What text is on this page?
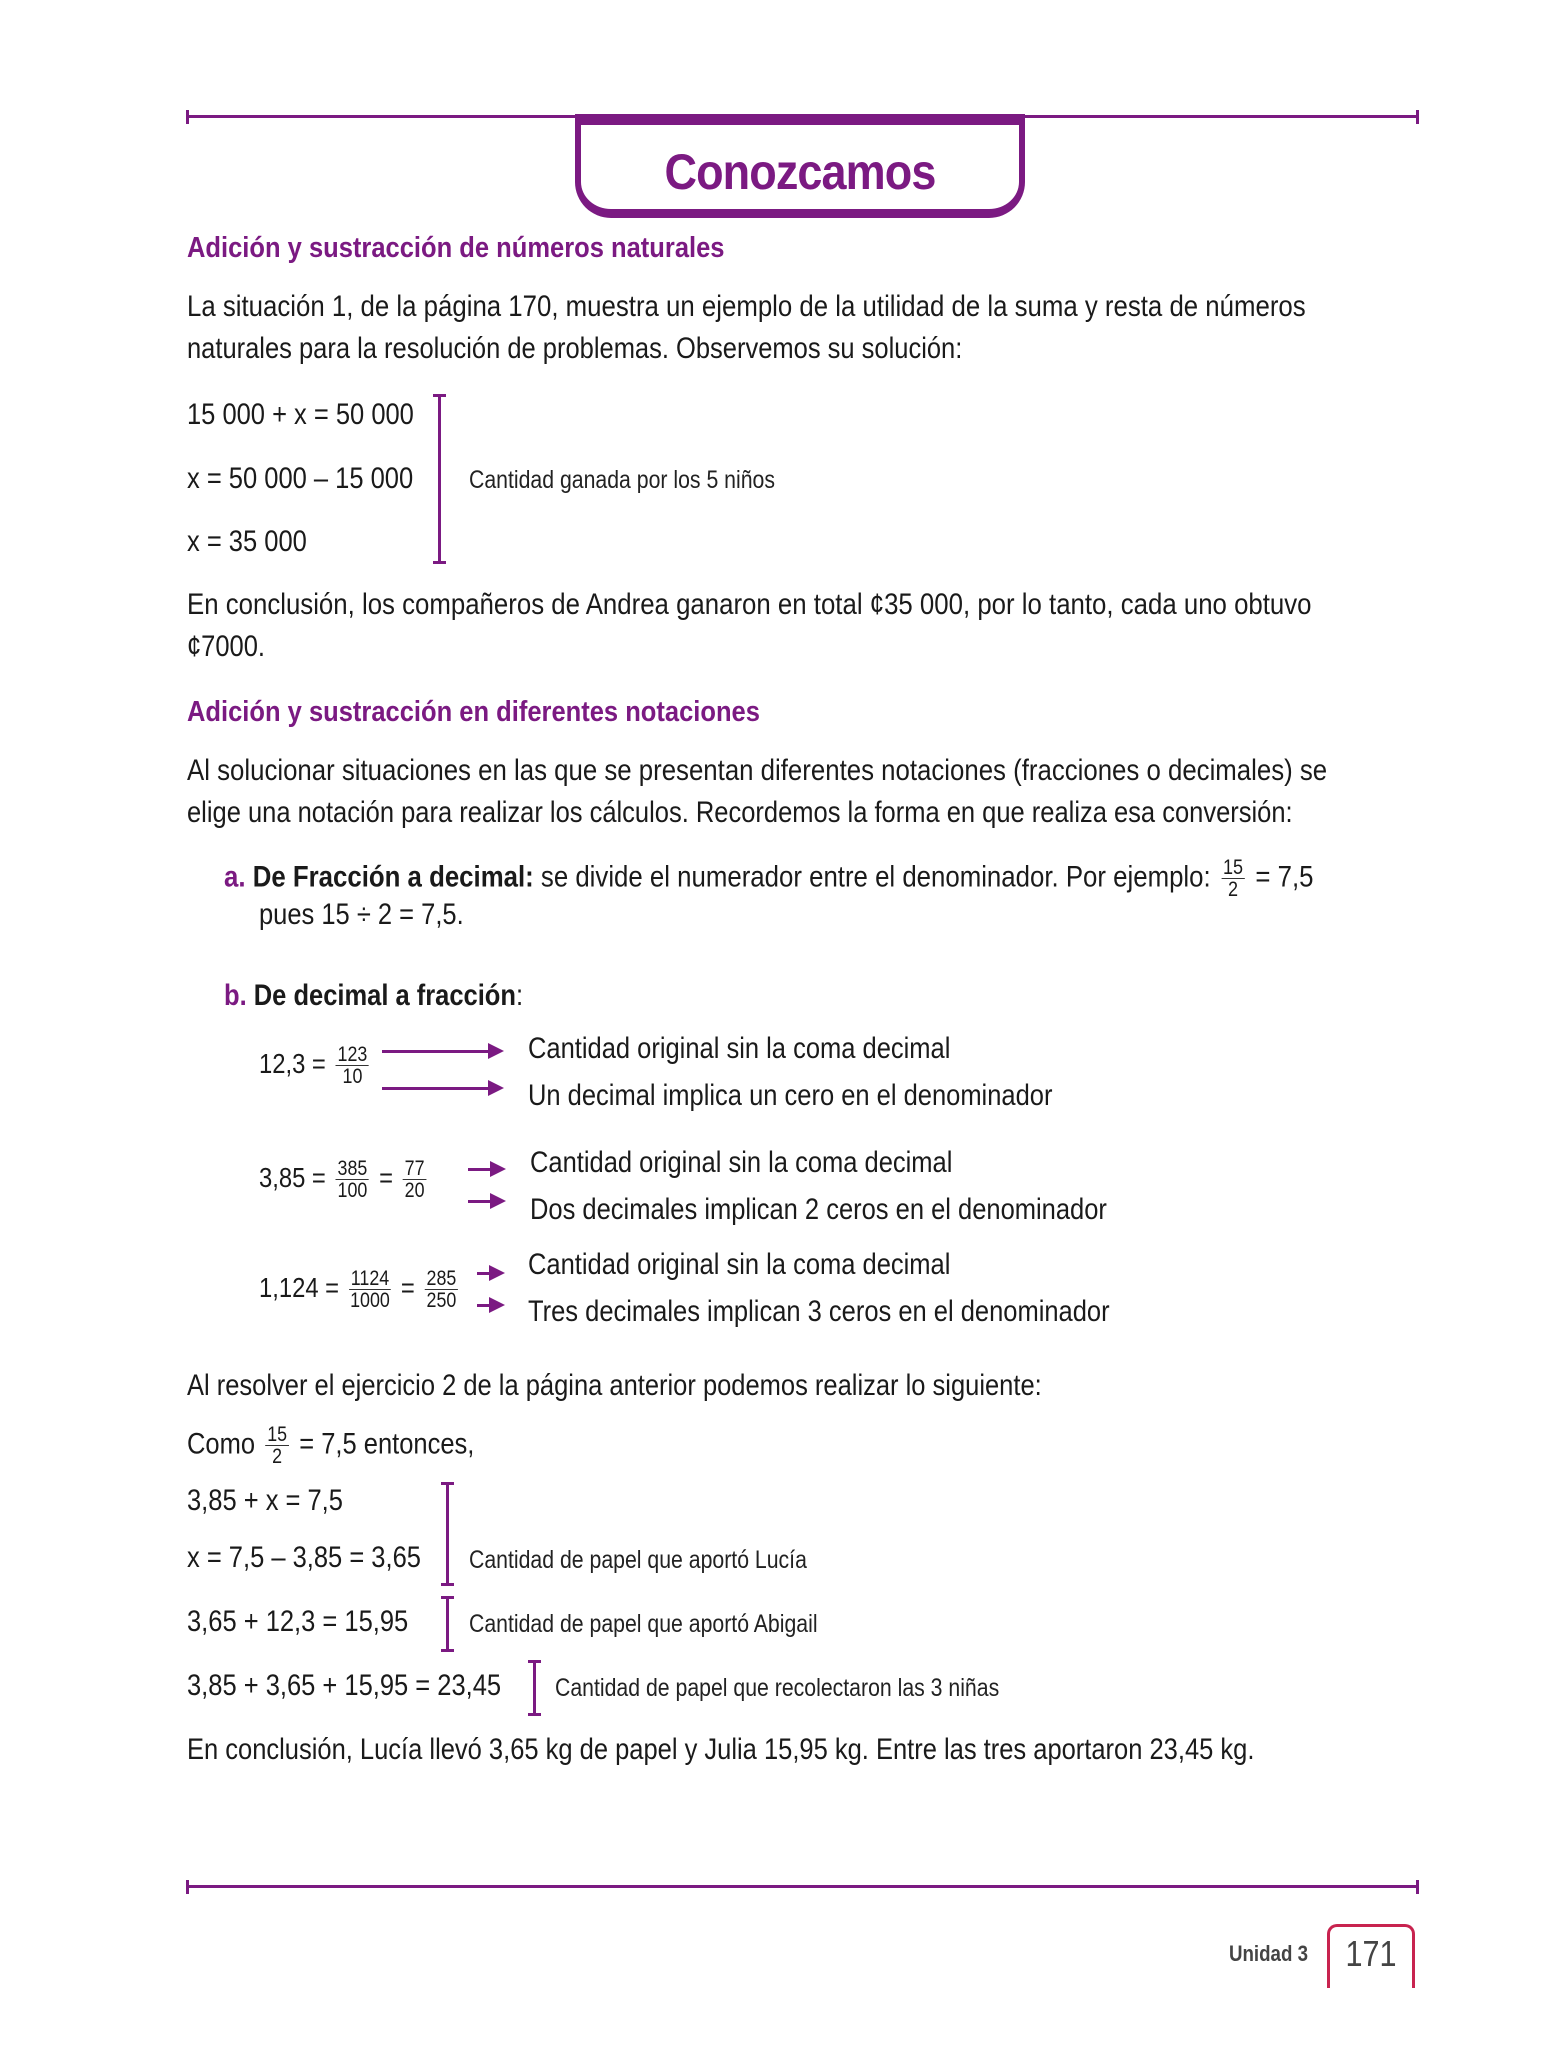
Conozcamos
Adición y sustracción de números naturales
La situación 1, de la página 170, muestra un ejemplo de la utilidad de la suma y resta de números
naturales para la resolución de problemas. Observemos su solución:
15 000 + x = 50 000
x = 50 000 – 15 000
x = 35 000
Cantidad ganada por los 5 niños
En conclusión, los compañeros de Andrea ganaron en total ¢35 000, por lo tanto, cada uno obtuvo
¢7000.
Adición y sustracción en diferentes notaciones
Al solucionar situaciones en las que se presentan diferentes notaciones (fracciones o decimales) se
elige una notación para realizar los cálculos. Recordemos la forma en que realiza esa conversión:
a. De Fracción a decimal: se divide el numerador entre el denominador. Por ejemplo: $\frac{15}{2} = 7,5$
pues 15 ÷ 2 = 7,5.
b. De decimal a fracción:
$12,3 = \frac{123}{10}$	Cantidad original sin la coma decimal
Un decimal implica un cero en el denominador
$3,85 = \frac{385}{100} = \frac{77}{20}$	Cantidad original sin la coma decimal
Dos decimales implican 2 ceros en el denominador
$1,124 = \frac{1124}{1000} = \frac{285}{250}$
Cantidad original sin la coma decimal
Tres decimales implican 3 ceros en el denominador
Al resolver el ejercicio 2 de la página anterior podemos realizar lo siguiente:
Como $\frac{15}{2} = 7,5$ entonces,
3,85 + x = 7,5
x = 7,5 – 3,85 = 3,65
3,65 + 12,3 = 15,95
3,85 + 3,65 + 15,95 = 23,45
Cantidad de papel que aportó Lucía
Cantidad de papel que aportó Abigail
Cantidad de papel que recolectaron las 3 niñas
En conclusión, Lucía llevó 3,65 kg de papel y Julia 15,95 kg. Entre las tres aportaron 23,45 kg.
Unidad 3 171
